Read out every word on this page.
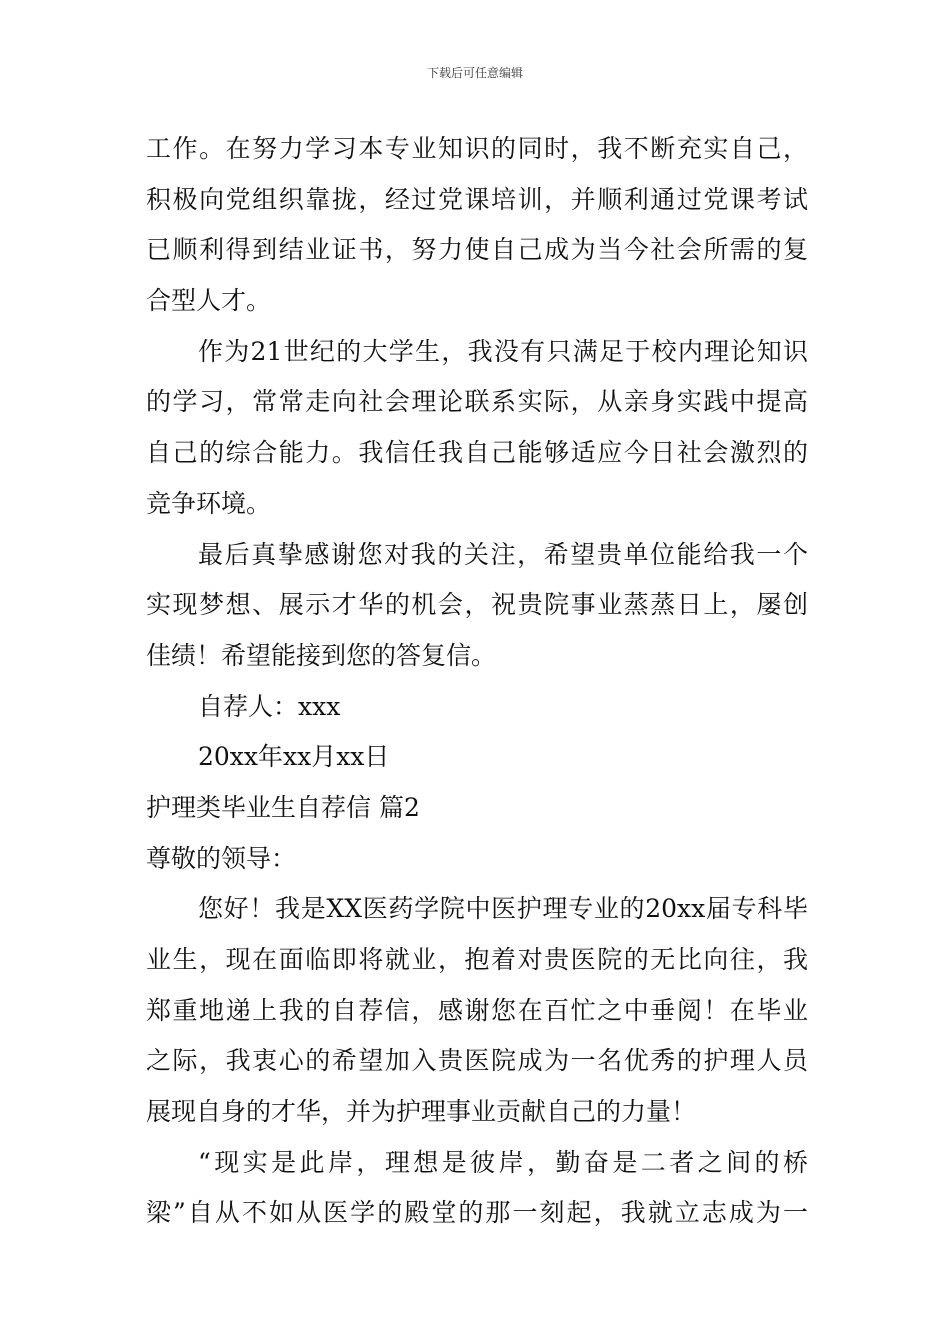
下载后可任意编辑
工作。在努力学习本专业知识的同时，我不断充实自己，
积极向党组织靠拢，经过党课培训，并顺利通过党课考试
已顺利得到结业证书，努力使自己成为当今社会所需的复
合型人才。
作为21世纪的大学生，我没有只满足于校内理论知识
的学习，常常走向社会理论联系实际，从亲身实践中提高
自己的综合能力。我信任我自己能够适应今日社会激烈的
竞争环境。
最后真挚感谢您对我的关注，希望贵单位能给我一个
实现梦想、展示才华的机会，祝贵院事业蒸蒸日上，屡创
佳绩！希望能接到您的答复信。
自荐人：xxx
20xx年xx月xx日
护理类毕业生自荐信 篇2
尊敬的领导：
您好！我是XX医药学院中医护理专业的20xx届专科毕
业生，现在面临即将就业，抱着对贵医院的无比向往，我
郑重地递上我的自荐信，感谢您在百忙之中垂阅！在毕业
之际，我衷心的希望加入贵医院成为一名优秀的护理人员
展现自身的才华，并为护理事业贡献自己的力量！
“现实是此岸，理想是彼岸，勤奋是二者之间的桥
梁”自从不如从医学的殿堂的那一刻起，我就立志成为一
